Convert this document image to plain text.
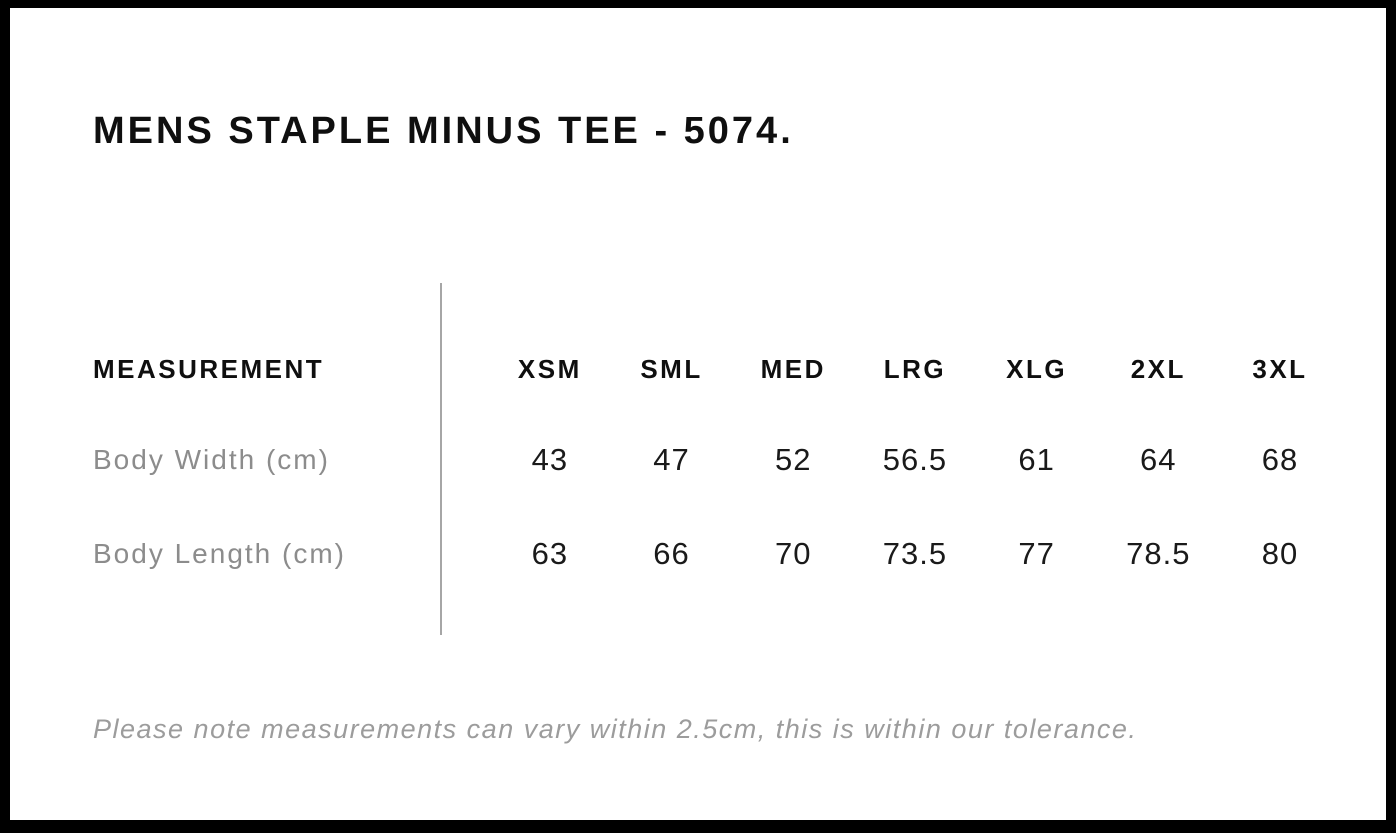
MENS STAPLE MINUS TEE - 5074.
MEASUREMENT	XSM	SML	MED	LRG	XLG	2XL	3XL
Body Width (cm)	43	47	52	56.5	61	64	68
Body Length (cm)	63	66	70	73.5	77	78.5	80

Please note measurements can vary within 2.5cm, this is within our tolerance.
